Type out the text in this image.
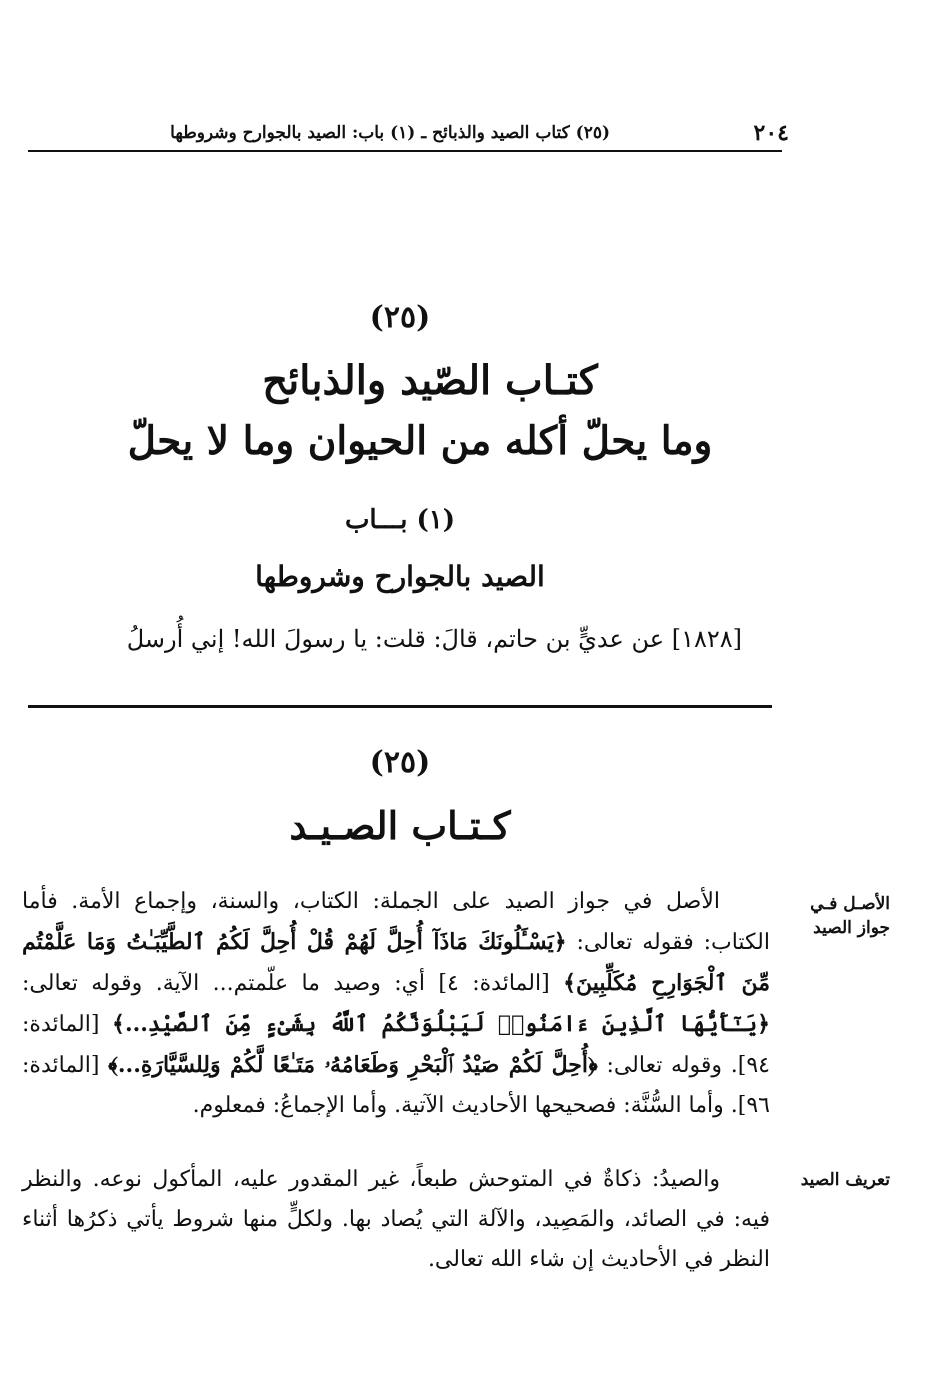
٢٠٤
(٢٥) كتاب الصيد والذبائح ـ (١) باب: الصيد بالجوارح وشروطها
(٢٥)
كتـاب الصّيد والذبائح
وما يحلّ أكله من الحيوان وما لا يحلّ
(١) بـــاب
الصيد بالجوارح وشروطها
[١٨٢٨] عن عديٍّ بن حاتم، قالَ: قلت: يا رسولَ الله! إني أُرسلُ
(٢٥)
كـتـاب الصـيـد
الأصـل فـي جواز الصيد
تعريف الصيد
الأصل في جواز الصيد على الجملة: الكتاب، والسنة، وإجماع الأمة. فأما الكتاب: فقوله تعالى: ﴿يَسْـَٔلُونَكَ مَاذَآ أُحِلَّ لَهُمْ قُلْ أُحِلَّ لَكُمُ ٱلطَّيِّبَـٰتُ وَمَا عَلَّمْتُم مِّنَ ٱلْجَوَارِحِ مُكَلِّبِينَ﴾ [المائدة: ٤] أي: وصيد ما علّمتم... الآية. وقوله تعالى: ﴿يَـٰٓأَيُّهَا ٱلَّذِينَ ءَامَنُوا۟ لَيَبْلُوَنَّكُمُ ٱللَّهُ بِشَىْءٍ مِّنَ ٱلصَّيْدِ...﴾ [المائدة: ٩٤]. وقوله تعالى: ﴿أُحِلَّ لَكُمْ صَيْدُ ٱلْبَحْرِ وَطَعَامُهُۥ مَتَـٰعًا لَّكُمْ وَلِلسَّيَّارَةِ...﴾ [المائدة: ٩٦]. وأما السُّنَّة: فصحيحها الأحاديث الآتية. وأما الإجماعُ: فمعلوم.
والصيدُ: ذكاةٌ في المتوحش طبعاً، غير المقدور عليه، المأكول نوعه. والنظر فيه: في الصائد، والمَصِيد، والآلة التي يُصاد بها. ولكلٍّ منها شروط يأتي ذكرُها أثناء النظر في الأحاديث إن شاء الله تعالى.
